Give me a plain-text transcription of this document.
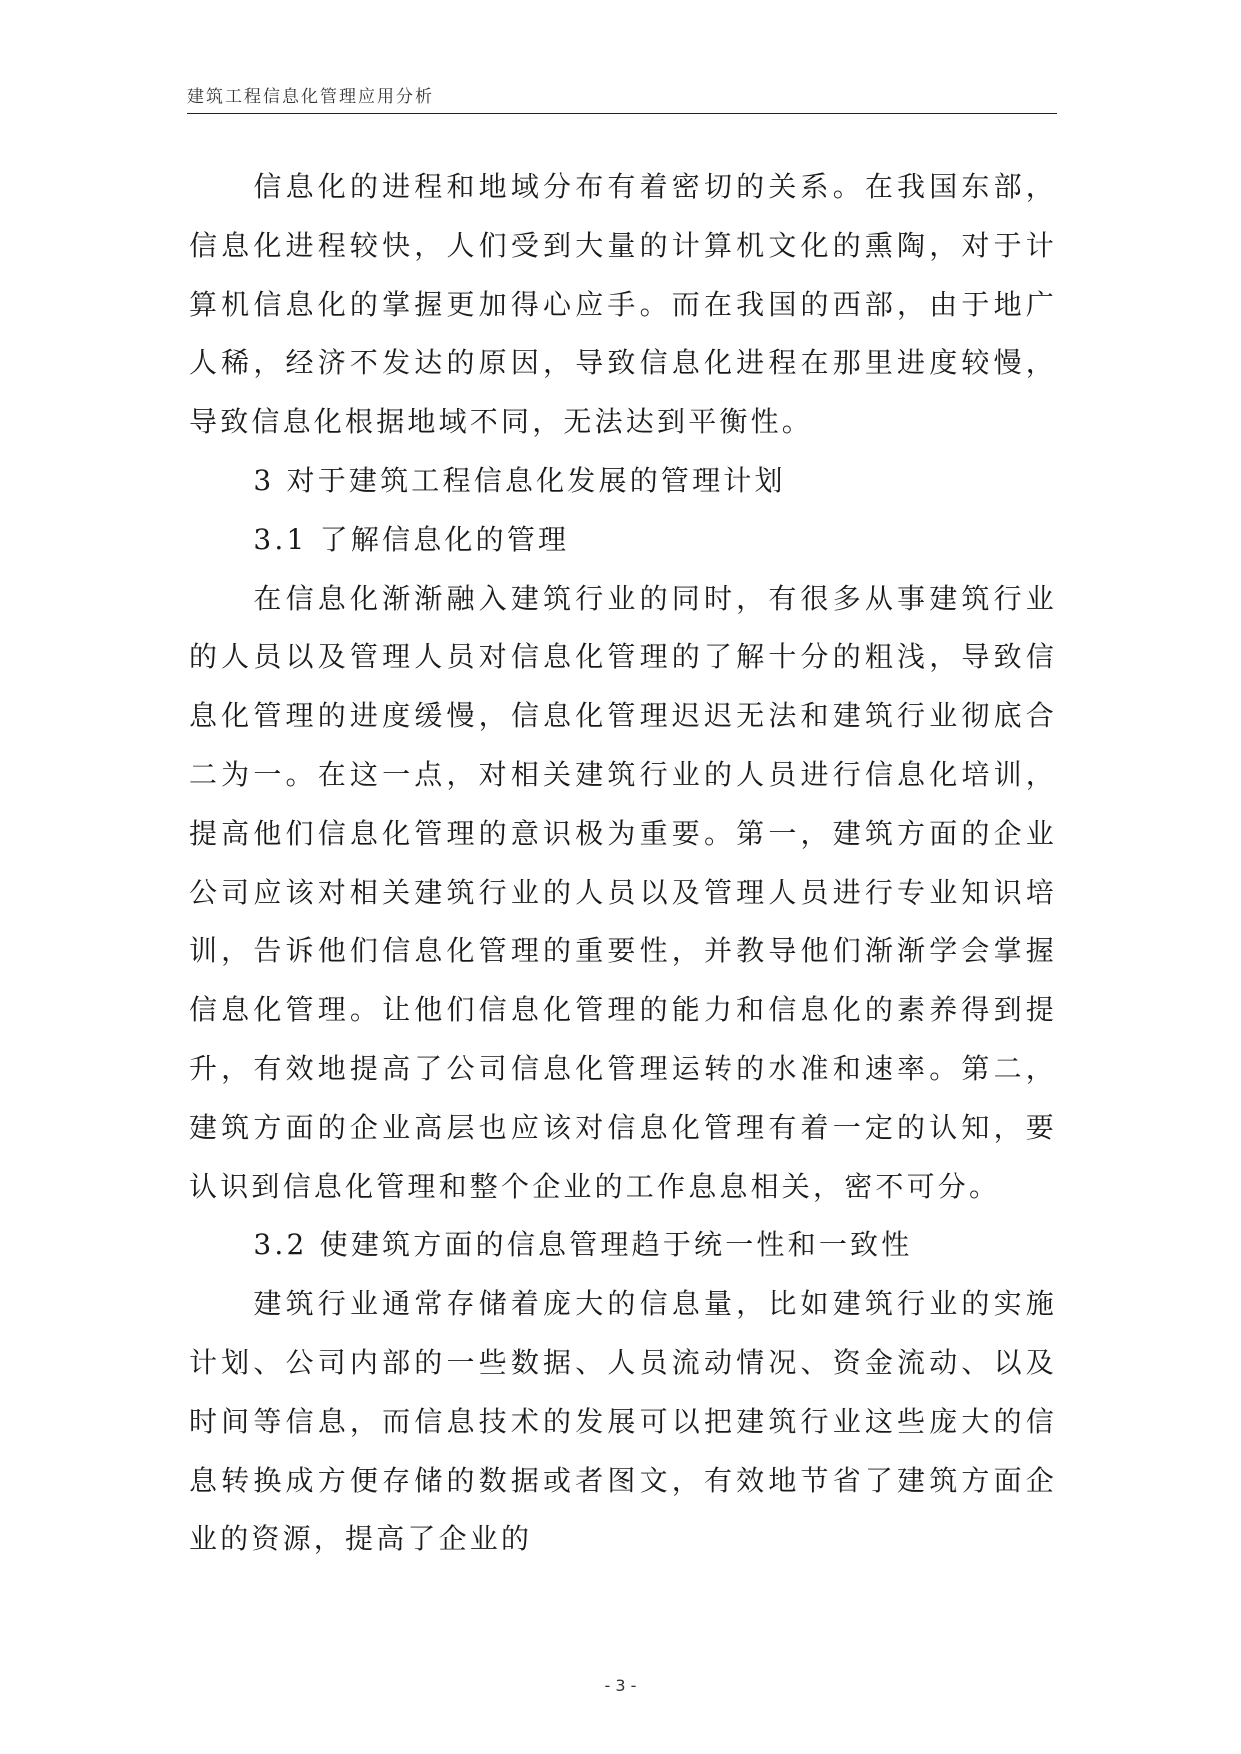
建筑工程信息化管理应用分析

信息化的进程和地域分布有着密切的关系。在我国东部，信息化进程较快，人们受到大量的计算机文化的熏陶，对于计算机信息化的掌握更加得心应手。而在我国的西部，由于地广人稀，经济不发达的原因，导致信息化进程在那里进度较慢，导致信息化根据地域不同，无法达到平衡性。

3 对于建筑工程信息化发展的管理计划

3.1 了解信息化的管理

在信息化渐渐融入建筑行业的同时，有很多从事建筑行业的人员以及管理人员对信息化管理的了解十分的粗浅，导致信息化管理的进度缓慢，信息化管理迟迟无法和建筑行业彻底合二为一。在这一点，对相关建筑行业的人员进行信息化培训，提高他们信息化管理的意识极为重要。第一，建筑方面的企业公司应该对相关建筑行业的人员以及管理人员进行专业知识培训，告诉他们信息化管理的重要性，并教导他们渐渐学会掌握信息化管理。让他们信息化管理的能力和信息化的素养得到提升，有效地提高了公司信息化管理运转的水准和速率。第二，建筑方面的企业高层也应该对信息化管理有着一定的认知，要认识到信息化管理和整个企业的工作息息相关，密不可分。

3.2 使建筑方面的信息管理趋于统一性和一致性

建筑行业通常存储着庞大的信息量，比如建筑行业的实施计划、公司内部的一些数据、人员流动情况、资金流动、以及时间等信息，而信息技术的发展可以把建筑行业这些庞大的信息转换成方便存储的数据或者图文，有效地节省了建筑方面企业的资源，提高了企业的

- 3 -
